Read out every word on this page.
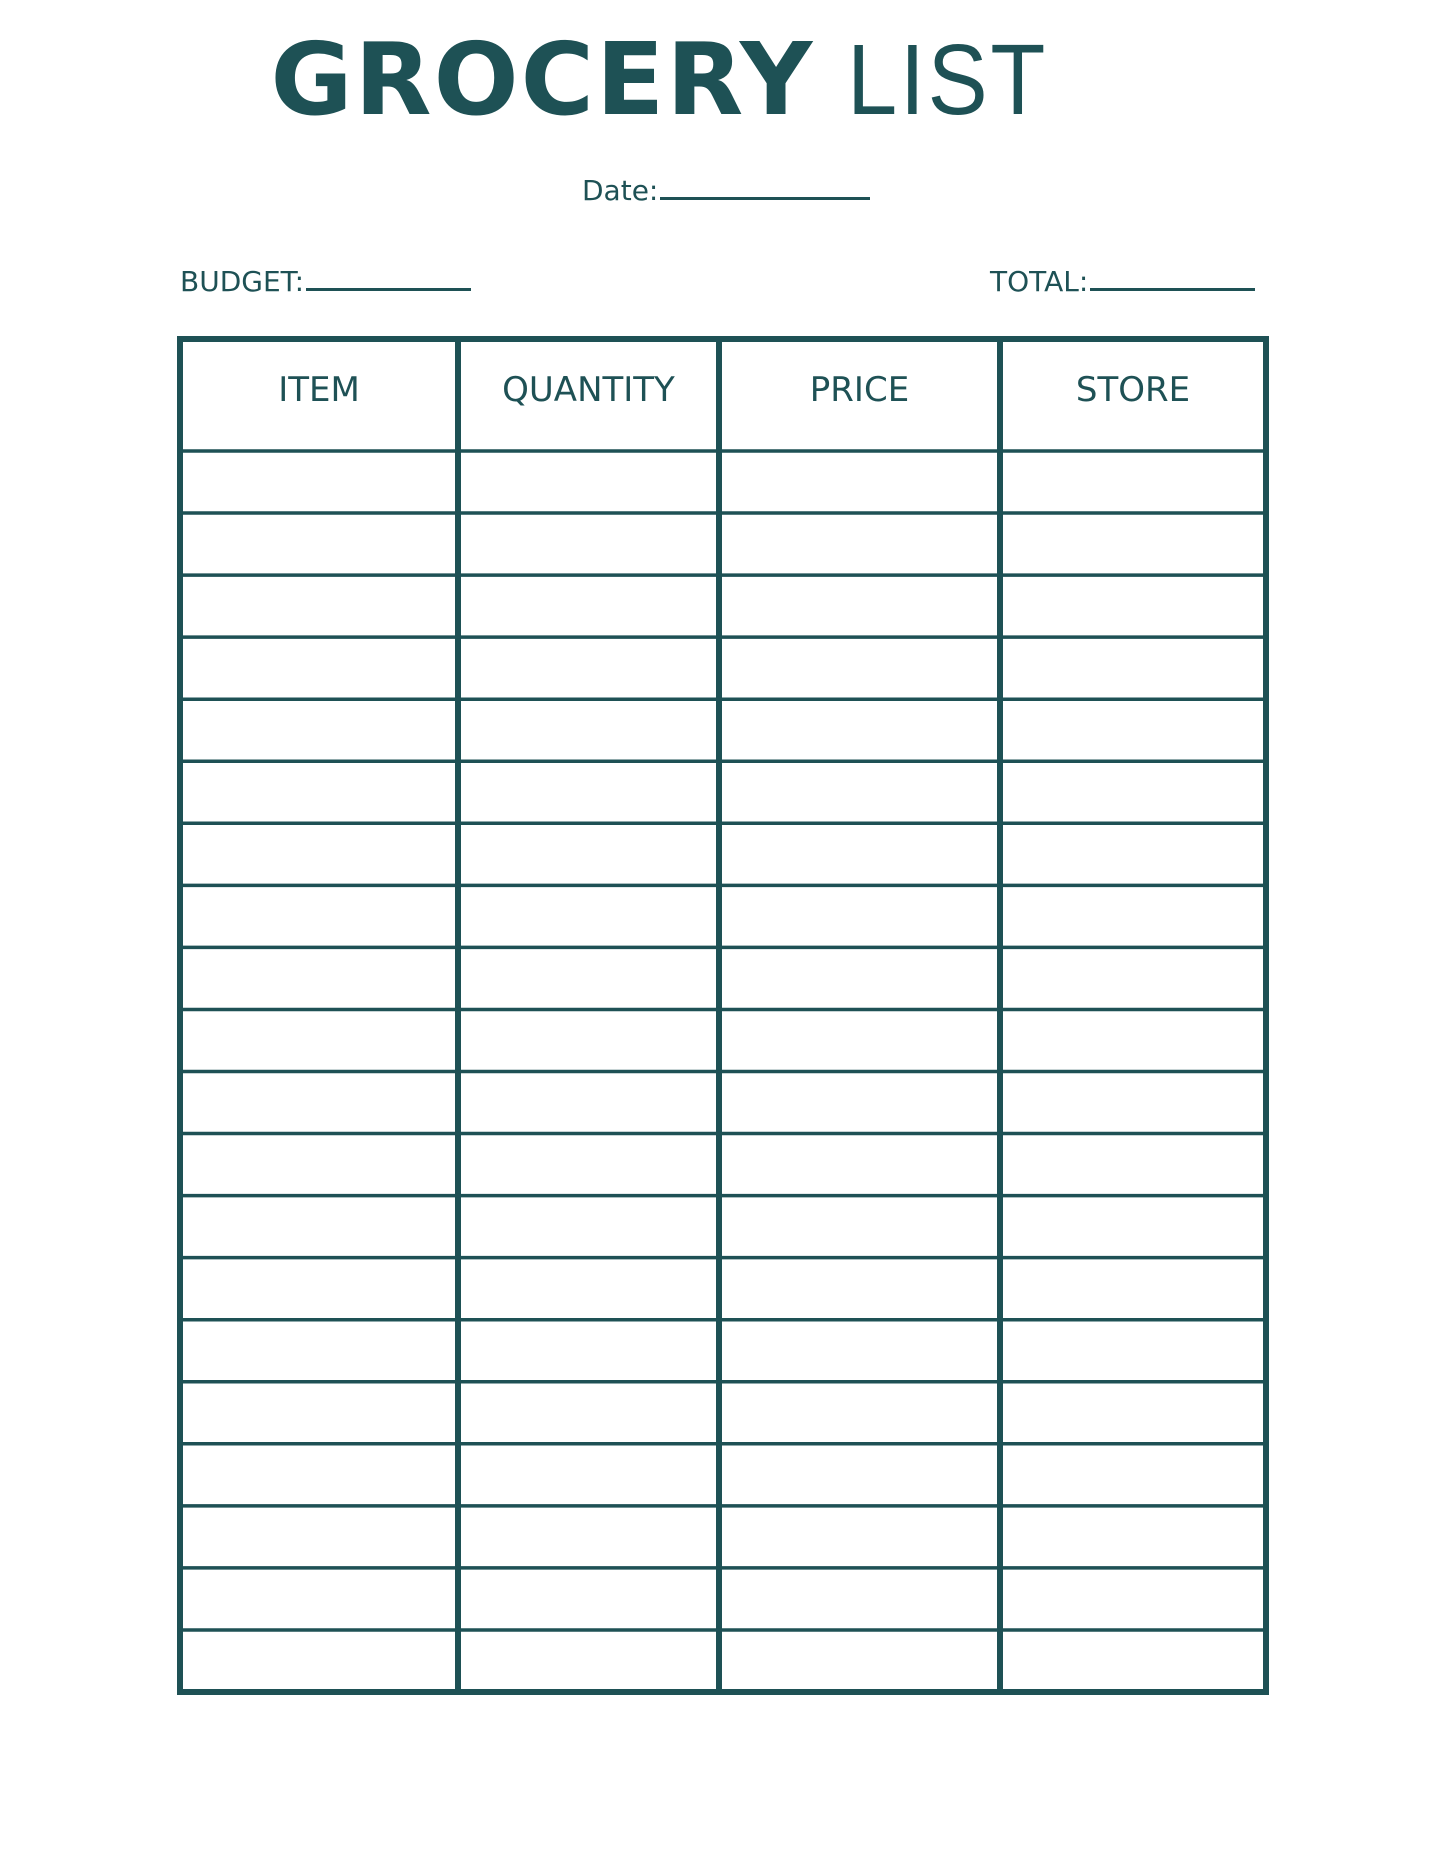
GROCERY LIST
Date:
BUDGET:	TOTAL:
ITEM	QUANTITY	PRICE	STORE
